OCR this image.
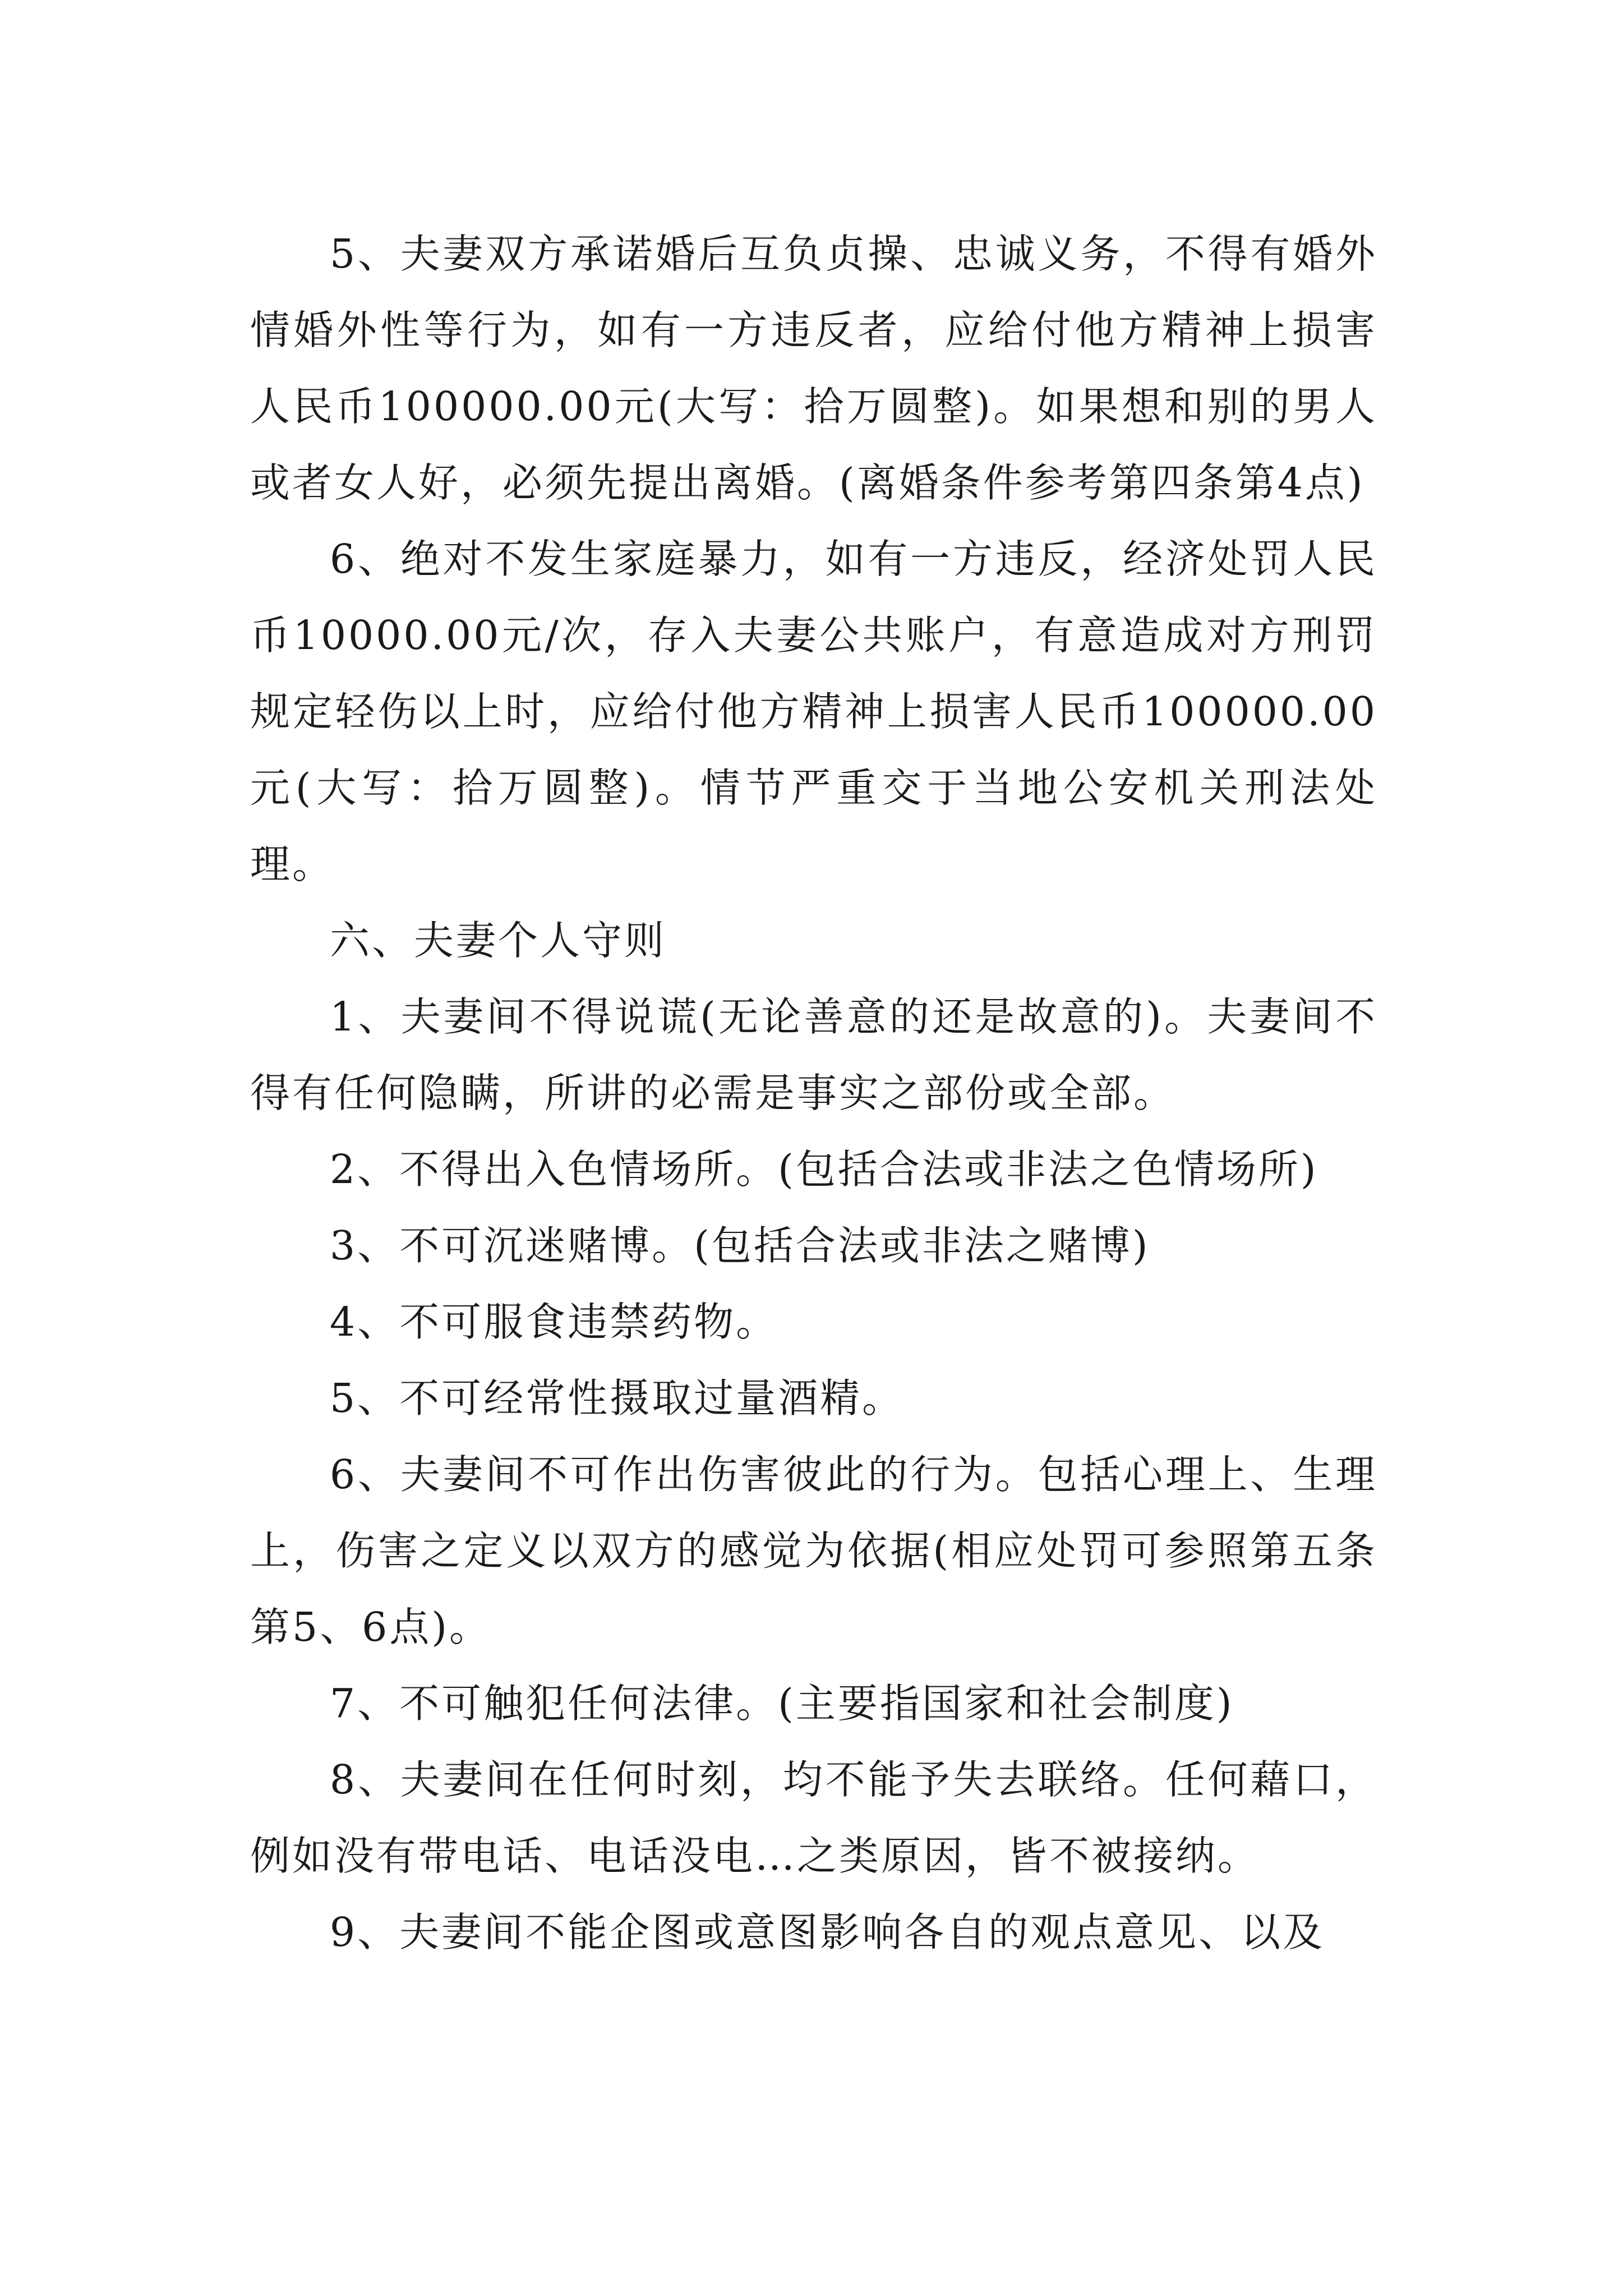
5、夫妻双方承诺婚后互负贞操、忠诚义务，不得有婚外情婚外性等行为，如有一方违反者，应给付他方精神上损害人民币100000.00元(大写：拾万圆整)。如果想和别的男人或者女人好，必须先提出离婚。(离婚条件参考第四条第4点)

6、绝对不发生家庭暴力，如有一方违反，经济处罚人民币10000.00元/次，存入夫妻公共账户，有意造成对方刑罚规定轻伤以上时，应给付他方精神上损害人民币100000.00元(大写：拾万圆整)。情节严重交于当地公安机关刑法处理。

六、夫妻个人守则

1、夫妻间不得说谎(无论善意的还是故意的)。夫妻间不得有任何隐瞒，所讲的必需是事实之部份或全部。

2、不得出入色情场所。(包括合法或非法之色情场所)

3、不可沉迷赌博。(包括合法或非法之赌博)

4、不可服食违禁药物。

5、不可经常性摄取过量酒精。

6、夫妻间不可作出伤害彼此的行为。包括心理上、生理上，伤害之定义以双方的感觉为依据(相应处罚可参照第五条第5、6点)。

7、不可触犯任何法律。(主要指国家和社会制度)

8、夫妻间在任何时刻，均不能予失去联络。任何藉口，例如没有带电话、电话没电…之类原因，皆不被接纳。

9、夫妻间不能企图或意图影响各自的观点意见、以及
